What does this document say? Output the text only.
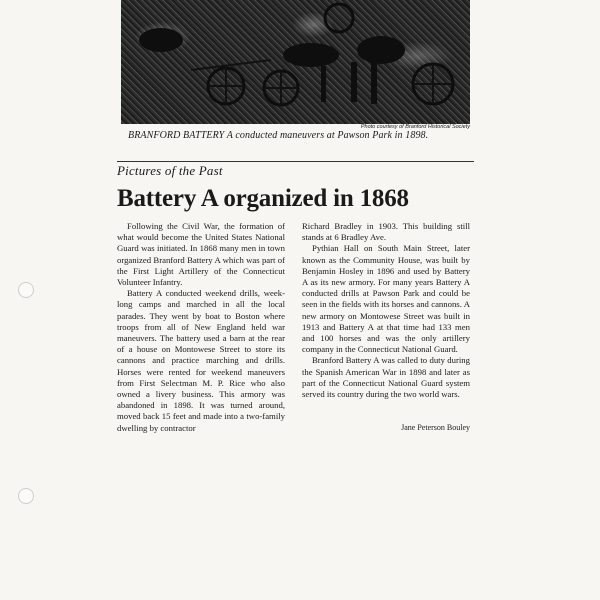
Photo courtesy of Branford Historical Society
BRANFORD BATTERY A conducted maneuvers at Pawson Park in 1898.
Pictures of the Past
Battery A organized in 1868

Following the Civil War, the formation of what would become the United States National Guard was initiated. In 1868 many men in town organized Branford Battery A which was part of the First Light Artillery of the Connecticut Volunteer Infantry.

Battery A conducted weekend drills, week-long camps and marched in all the local parades. They went by boat to Boston where troops from all of New England held war maneuvers. The battery used a barn at the rear of a house on Montowese Street to store its cannons and practice marching and drills. Horses were rented for weekend maneuvers from First Selectman M. P. Rice who also owned a livery business. This armory was abandoned in 1898. It was turned around, moved back 15 feet and made into a two-family dwelling by contractor

Richard Bradley in 1903. This building still stands at 6 Bradley Ave.

Pythian Hall on South Main Street, later known as the Community House, was built by Benjamin Hosley in 1896 and used by Battery A as its new armory. For many years Battery A conducted drills at Pawson Park and could be seen in the fields with its horses and cannons. A new armory on Montowese Street was built in 1913 and Battery A at that time had 133 men and 100 horses and was the only artillery company in the Connecticut National Guard.

Branford Battery A was called to duty during the Spanish American War in 1898 and later as part of the Connecticut National Guard system served its country during the two world wars.

Jane Peterson Bouley
